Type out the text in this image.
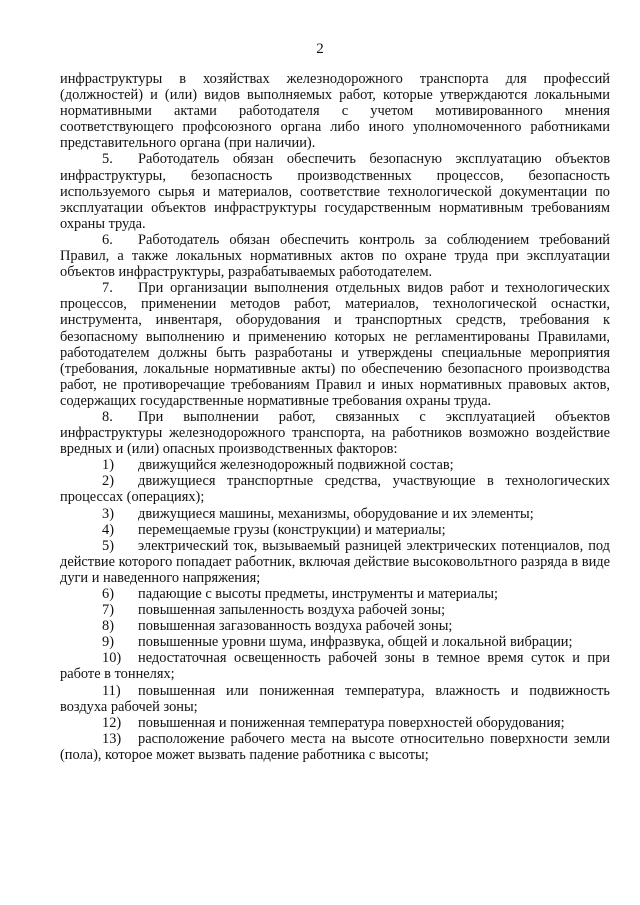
2

инфраструктуры в хозяйствах железнодорожного транспорта для профессий (должностей) и (или) видов выполняемых работ, которые утверждаются локальными нормативными актами работодателя с учетом мотивированного мнения соответствующего профсоюзного органа либо иного уполномоченного работниками представительного органа (при наличии).

5. Работодатель обязан обеспечить безопасную эксплуатацию объектов инфраструктуры, безопасность производственных процессов, безопасность используемого сырья и материалов, соответствие технологической документации по эксплуатации объектов инфраструктуры государственным нормативным требованиям охраны труда.

6. Работодатель обязан обеспечить контроль за соблюдением требований Правил, а также локальных нормативных актов по охране труда при эксплуатации объектов инфраструктуры, разрабатываемых работодателем.

7. При организации выполнения отдельных видов работ и технологических процессов, применении методов работ, материалов, технологической оснастки, инструмента, инвентаря, оборудования и транспортных средств, требования к безопасному выполнению и применению которых не регламентированы Правилами, работодателем должны быть разработаны и утверждены специальные мероприятия (требования, локальные нормативные акты) по обеспечению безопасного производства работ, не противоречащие требованиям Правил и иных нормативных правовых актов, содержащих государственные нормативные требования охраны труда.

8. При выполнении работ, связанных с эксплуатацией объектов инфраструктуры железнодорожного транспорта, на работников возможно воздействие вредных и (или) опасных производственных факторов:

1) движущийся железнодорожный подвижной состав;

2) движущиеся транспортные средства, участвующие в технологических процессах (операциях);

3) движущиеся машины, механизмы, оборудование и их элементы;

4) перемещаемые грузы (конструкции) и материалы;

5) электрический ток, вызываемый разницей электрических потенциалов, под действие которого попадает работник, включая действие высоковольтного разряда в виде дуги и наведенного напряжения;

6) падающие с высоты предметы, инструменты и материалы;

7) повышенная запыленность воздуха рабочей зоны;

8) повышенная загазованность воздуха рабочей зоны;

9) повышенные уровни шума, инфразвука, общей и локальной вибрации;

10) недостаточная освещенность рабочей зоны в темное время суток и при работе в тоннелях;

11) повышенная или пониженная температура, влажность и подвижность воздуха рабочей зоны;

12) повышенная и пониженная температура поверхностей оборудования;

13) расположение рабочего места на высоте относительно поверхности земли (пола), которое может вызвать падение работника с высоты;
